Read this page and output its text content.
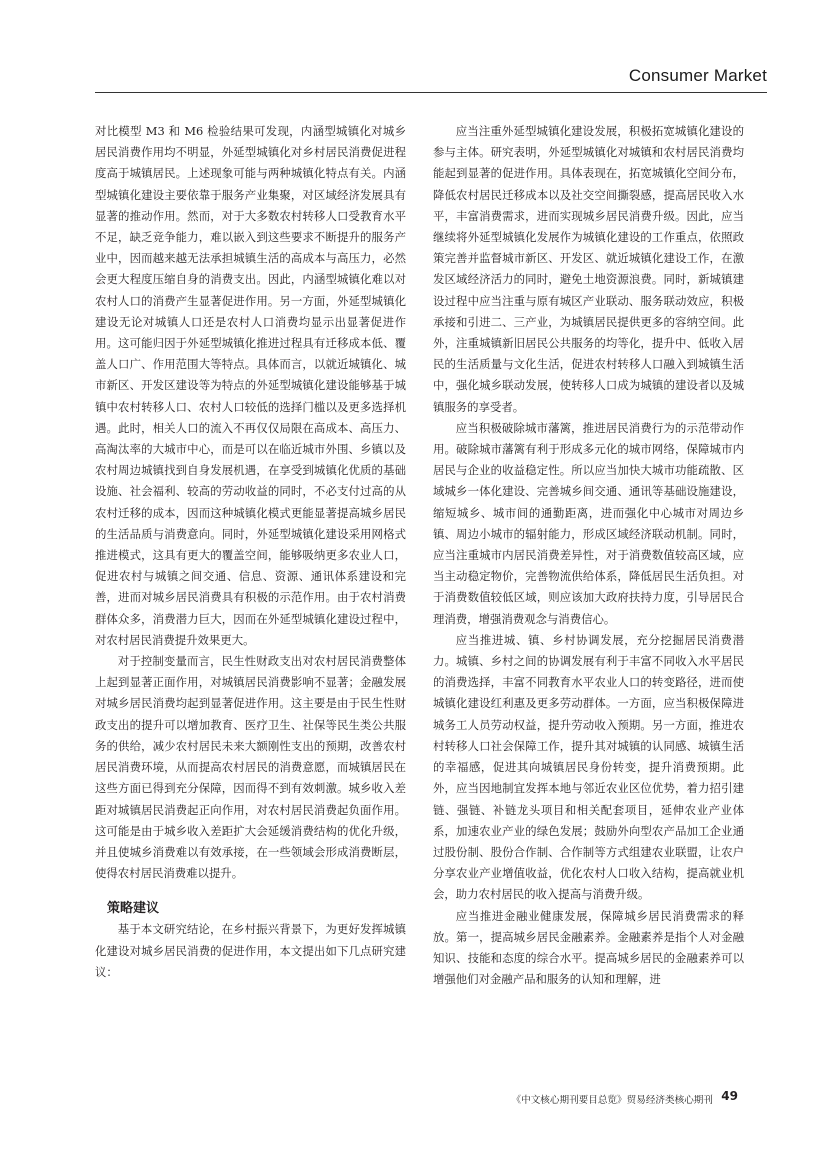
Consumer Market

对比模型 M3 和 M6 检验结果可发现，内涵型城镇化对城乡居民消费作用均不明显，外延型城镇化对乡村居民消费促进程度高于城镇居民。上述现象可能与两种城镇化特点有关。内涵型城镇化建设主要依靠于服务产业集聚，对区域经济发展具有显著的推动作用。然而，对于大多数农村转移人口受教育水平不足，缺乏竞争能力，难以嵌入到这些要求不断提升的服务产业中，因而越来越无法承担城镇生活的高成本与高压力，必然会更大程度压缩自身的消费支出。因此，内涵型城镇化难以对农村人口的消费产生显著促进作用。另一方面，外延型城镇化建设无论对城镇人口还是农村人口消费均显示出显著促进作用。这可能归因于外延型城镇化推进过程具有迁移成本低、覆盖人口广、作用范围大等特点。具体而言，以就近城镇化、城市新区、开发区建设等为特点的外延型城镇化建设能够基于城镇中农村转移人口、农村人口较低的选择门槛以及更多选择机遇。此时，相关人口的流入不再仅仅局限在高成本、高压力、高淘汰率的大城市中心，而是可以在临近城市外围、乡镇以及农村周边城镇找到自身发展机遇，在享受到城镇化优质的基础设施、社会福利、较高的劳动收益的同时，不必支付过高的从农村迁移的成本，因而这种城镇化模式更能显著提高城乡居民的生活品质与消费意向。同时，外延型城镇化建设采用网格式推进模式，这具有更大的覆盖空间，能够吸纳更多农业人口，促进农村与城镇之间交通、信息、资源、通讯体系建设和完善，进而对城乡居民消费具有积极的示范作用。由于农村消费群体众多，消费潜力巨大，因而在外延型城镇化建设过程中，对农村居民消费提升效果更大。

对于控制变量而言，民生性财政支出对农村居民消费整体上起到显著正面作用，对城镇居民消费影响不显著；金融发展对城乡居民消费均起到显著促进作用。这主要是由于民生性财政支出的提升可以增加教育、医疗卫生、社保等民生类公共服务的供给，减少农村居民未来大额刚性支出的预期，改善农村居民消费环境，从而提高农村居民的消费意愿，而城镇居民在这些方面已得到充分保障，因而得不到有效刺激。城乡收入差距对城镇居民消费起正向作用，对农村居民消费起负面作用。这可能是由于城乡收入差距扩大会延缓消费结构的优化升级，并且使城乡消费难以有效承接，在一些领域会形成消费断层，使得农村居民消费难以提升。

策略建议

基于本文研究结论，在乡村振兴背景下，为更好发挥城镇化建设对城乡居民消费的促进作用，本文提出如下几点研究建议：

应当注重外延型城镇化建设发展，积极拓宽城镇化建设的参与主体。研究表明，外延型城镇化对城镇和农村居民消费均能起到显著的促进作用。具体表现在，拓宽城镇化空间分布，降低农村居民迁移成本以及社交空间撕裂感，提高居民收入水平，丰富消费需求，进而实现城乡居民消费升级。因此，应当继续将外延型城镇化发展作为城镇化建设的工作重点，依照政策完善并监督城市新区、开发区、就近城镇化建设工作，在激发区域经济活力的同时，避免土地资源浪费。同时，新城镇建设过程中应当注重与原有城区产业联动、服务联动效应，积极承接和引进二、三产业，为城镇居民提供更多的容纳空间。此外，注重城镇新旧居民公共服务的均等化，提升中、低收入居民的生活质量与文化生活，促进农村转移人口融入到城镇生活中，强化城乡联动发展，使转移人口成为城镇的建设者以及城镇服务的享受者。

应当积极破除城市藩篱，推进居民消费行为的示范带动作用。破除城市藩篱有利于形成多元化的城市网络，保障城市内居民与企业的收益稳定性。所以应当加快大城市功能疏散、区域城乡一体化建设、完善城乡间交通、通讯等基础设施建设，缩短城乡、城市间的通勤距离，进而强化中心城市对周边乡镇、周边小城市的辐射能力，形成区域经济联动机制。同时，应当注重城市内居民消费差异性，对于消费数值较高区域，应当主动稳定物价，完善物流供给体系，降低居民生活负担。对于消费数值较低区域，则应该加大政府扶持力度，引导居民合理消费，增强消费观念与消费信心。

应当推进城、镇、乡村协调发展，充分挖掘居民消费潜力。城镇、乡村之间的协调发展有利于丰富不同收入水平居民的消费选择，丰富不同教育水平农业人口的转变路径，进而使城镇化建设红利惠及更多劳动群体。一方面，应当积极保障进城务工人员劳动权益，提升劳动收入预期。另一方面，推进农村转移人口社会保障工作，提升其对城镇的认同感、城镇生活的幸福感，促进其向城镇居民身份转变，提升消费预期。此外，应当因地制宜发挥本地与邻近农业区位优势，着力招引建链、强链、补链龙头项目和相关配套项目，延伸农业产业体系，加速农业产业的绿色发展；鼓励外向型农产品加工企业通过股份制、股份合作制、合作制等方式组建农业联盟，让农户分享农业产业增值收益，优化农村人口收入结构，提高就业机会，助力农村居民的收入提高与消费升级。

应当推进金融业健康发展，保障城乡居民消费需求的释放。第一，提高城乡居民金融素养。金融素养是指个人对金融知识、技能和态度的综合水平。提高城乡居民的金融素养可以增强他们对金融产品和服务的认知和理解，进

《中文核心期刊要目总览》贸易经济类核心期刊 49
